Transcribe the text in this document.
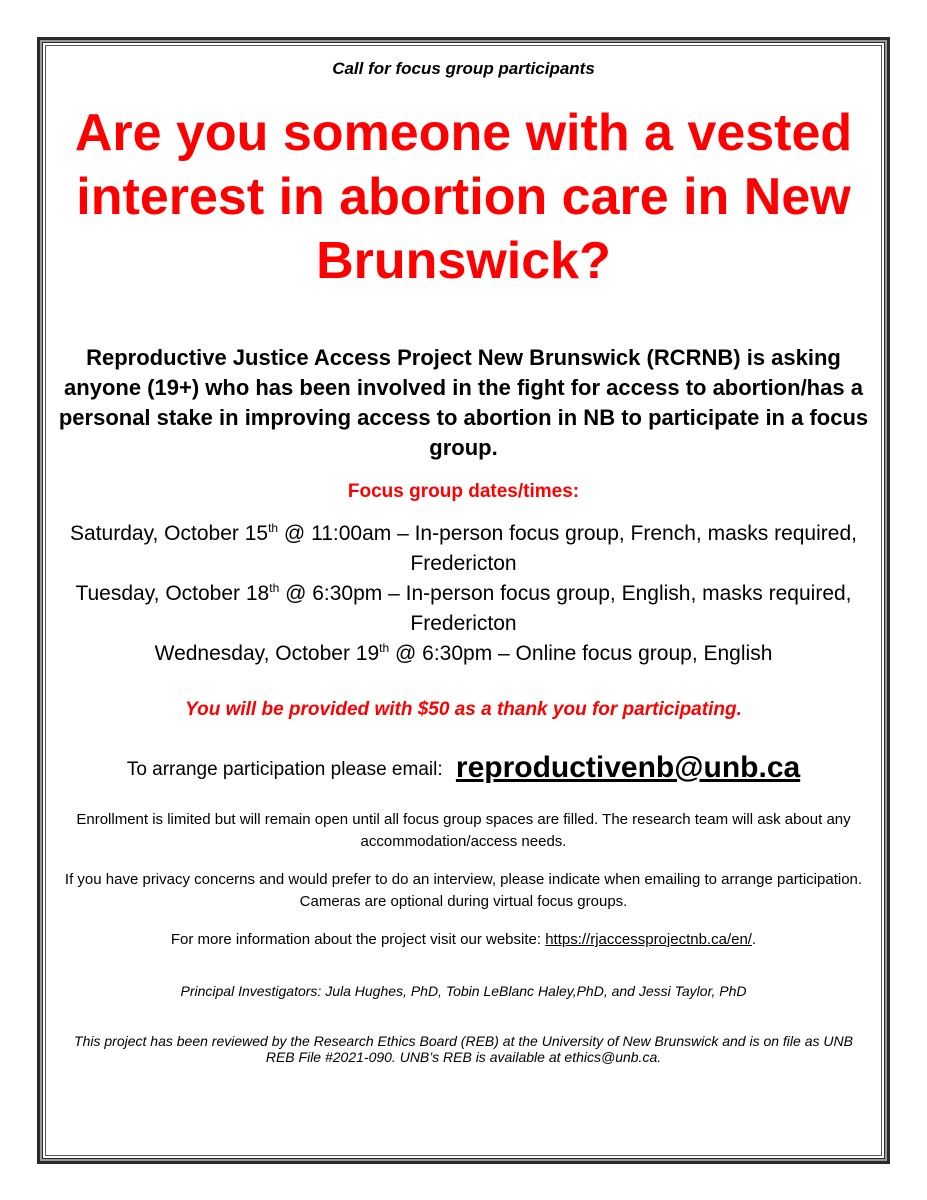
Call for focus group participants
Are you someone with a vested interest in abortion care in New Brunswick?
Reproductive Justice Access Project New Brunswick (RCRNB) is asking anyone (19+) who has been involved in the fight for access to abortion/has a personal stake in improving access to abortion in NB to participate in a focus group.
Focus group dates/times:
Saturday, October 15th @ 11:00am – In-person focus group, French, masks required, Fredericton
Tuesday, October 18th @ 6:30pm – In-person focus group, English, masks required, Fredericton
Wednesday, October 19th @ 6:30pm – Online focus group, English
You will be provided with $50 as a thank you for participating.
To arrange participation please email: reproductivenb@unb.ca
Enrollment is limited but will remain open until all focus group spaces are filled. The research team will ask about any accommodation/access needs.
If you have privacy concerns and would prefer to do an interview, please indicate when emailing to arrange participation. Cameras are optional during virtual focus groups.
For more information about the project visit our website: https://rjaccessprojectnb.ca/en/.
Principal Investigators: Jula Hughes, PhD, Tobin LeBlanc Haley,PhD, and Jessi Taylor, PhD
This project has been reviewed by the Research Ethics Board (REB) at the University of New Brunswick and is on file as UNB REB File #2021-090. UNB’s REB is available at ethics@unb.ca.
